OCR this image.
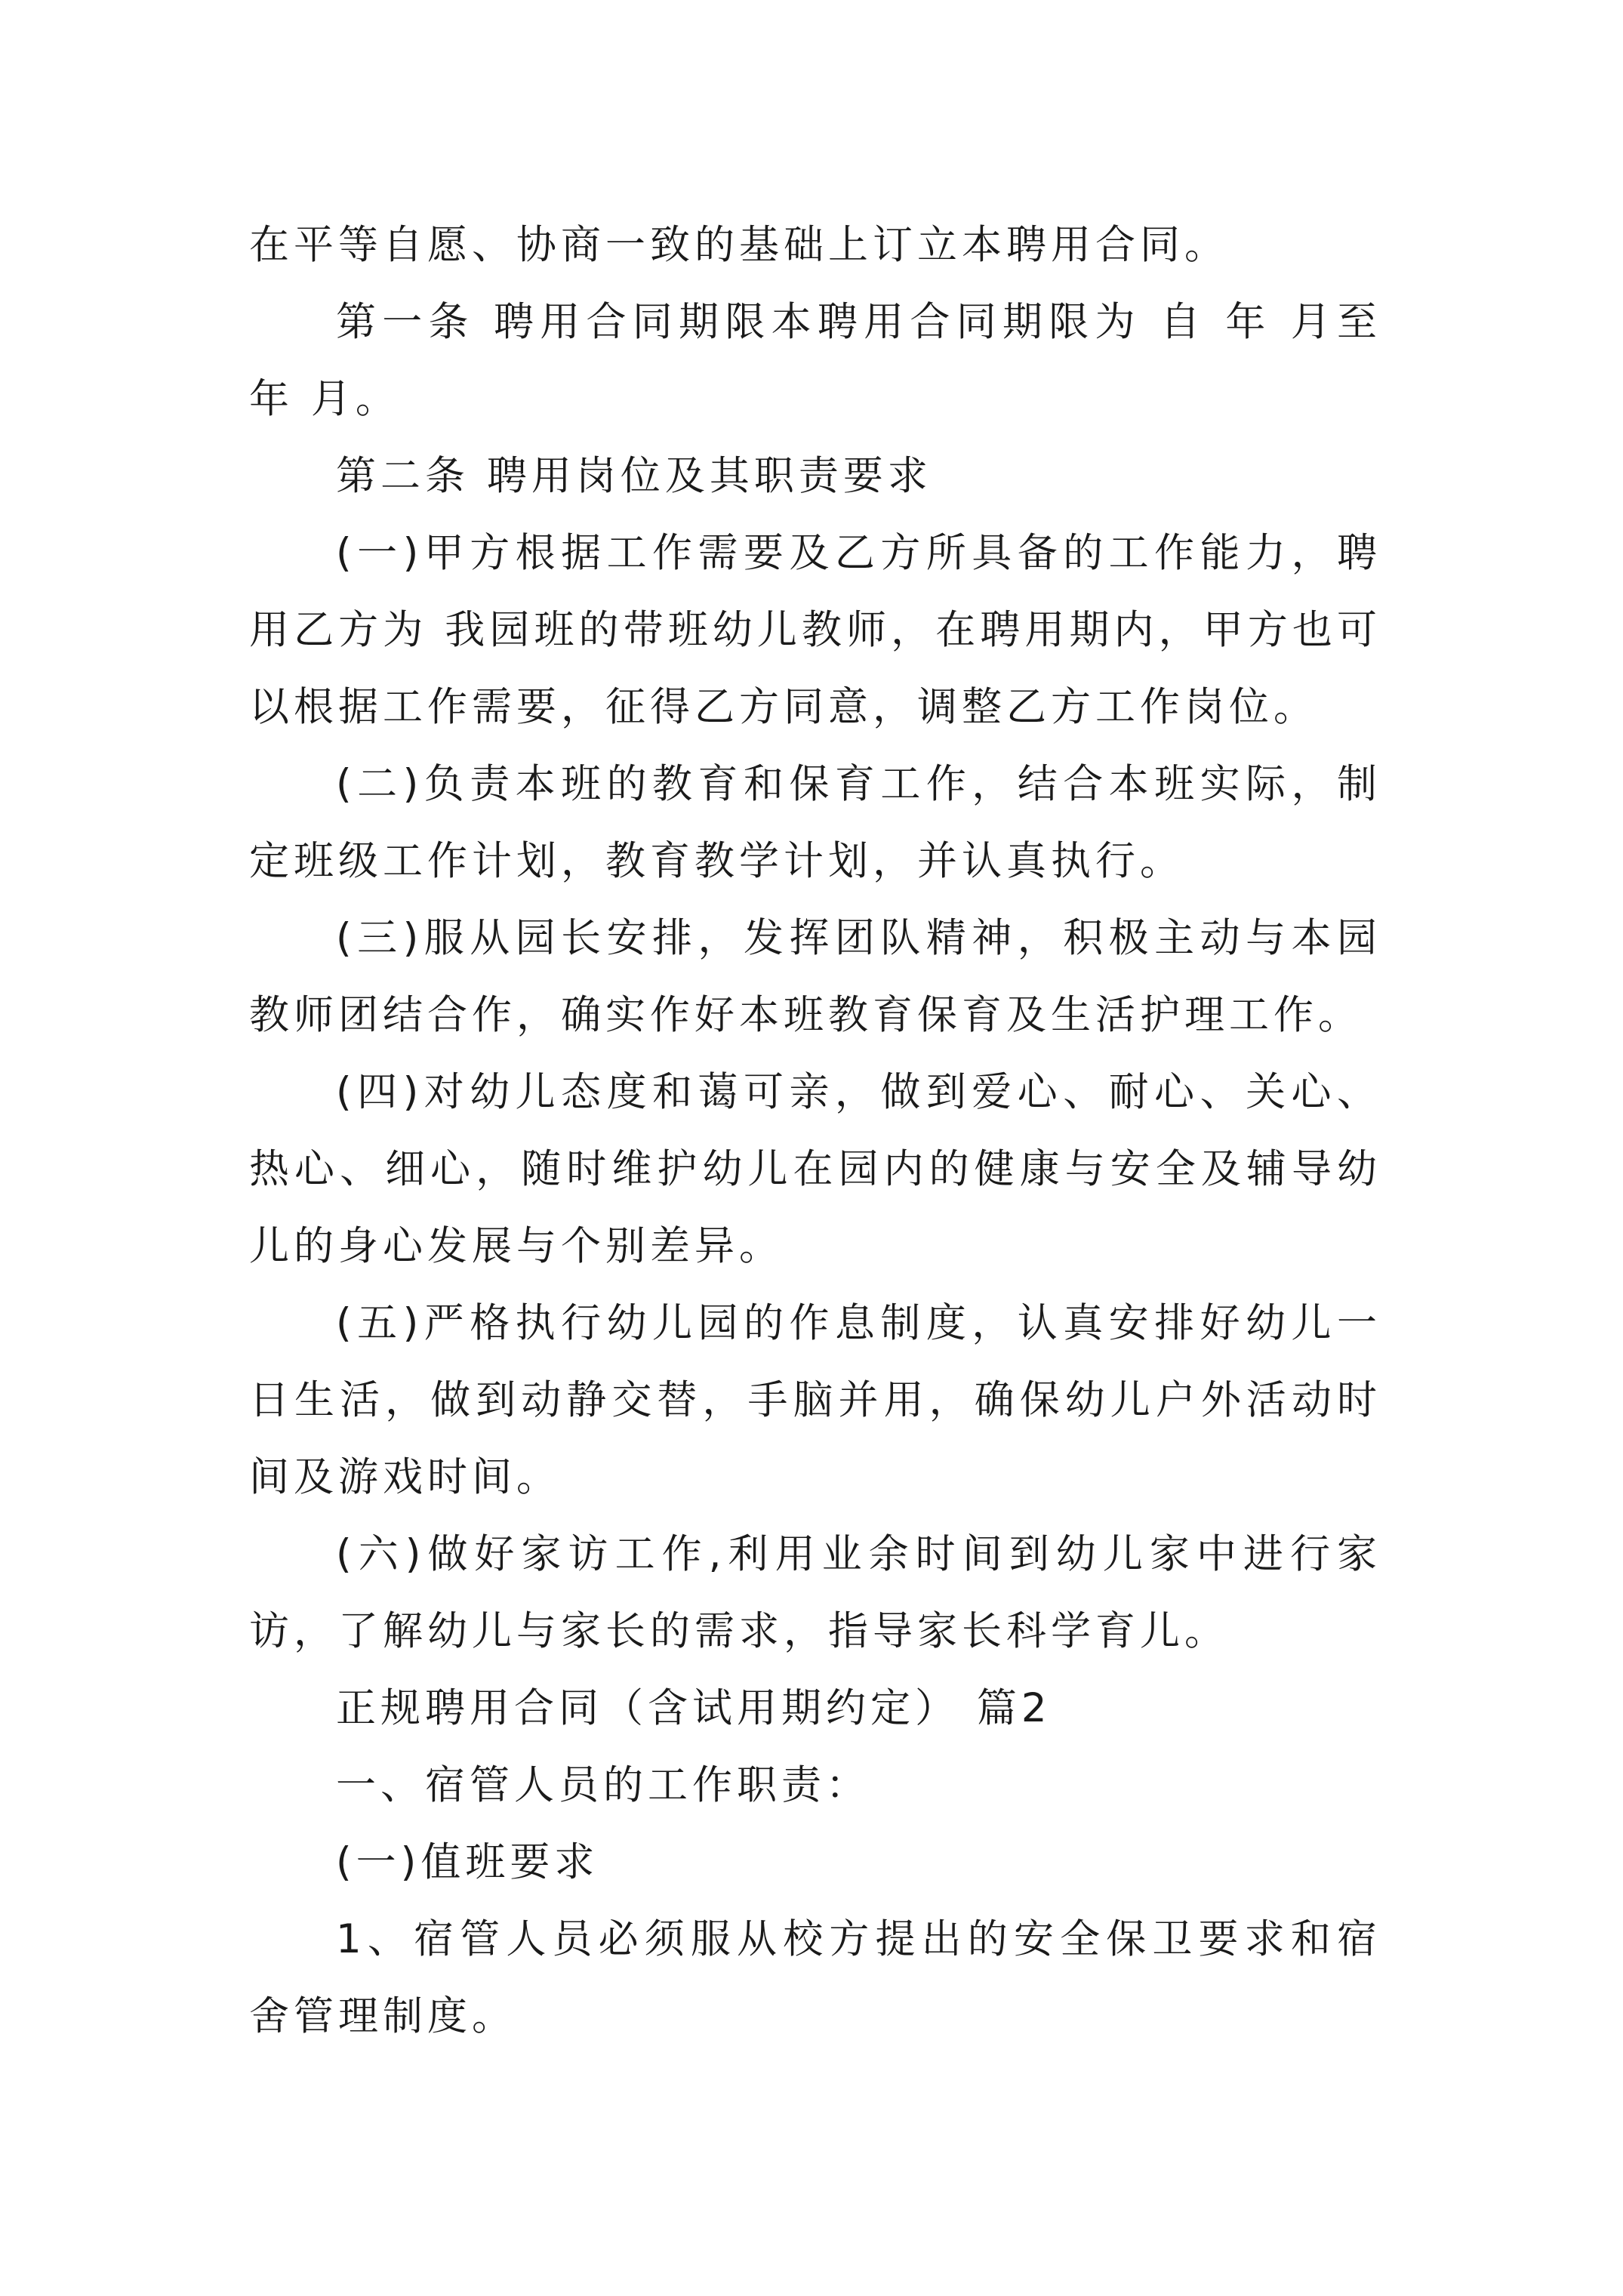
在平等自愿、协商一致的基础上订立本聘用合同。

第一条 聘用合同期限本聘用合同期限为 自 年 月至 年 月。

第二条 聘用岗位及其职责要求

(一)甲方根据工作需要及乙方所具备的工作能力，聘用乙方为 我园班的带班幼儿教师，在聘用期内，甲方也可以根据工作需要，征得乙方同意，调整乙方工作岗位。

(二)负责本班的教育和保育工作，结合本班实际，制定班级工作计划，教育教学计划，并认真执行。

(三)服从园长安排，发挥团队精神，积极主动与本园教师团结合作，确实作好本班教育保育及生活护理工作。

(四)对幼儿态度和蔼可亲，做到爱心、耐心、关心、热心、细心，随时维护幼儿在园内的健康与安全及辅导幼儿的身心发展与个别差异。

(五)严格执行幼儿园的作息制度，认真安排好幼儿一日生活，做到动静交替，手脑并用，确保幼儿户外活动时间及游戏时间。

(六)做好家访工作,利用业余时间到幼儿家中进行家访，了解幼儿与家长的需求，指导家长科学育儿。

正规聘用合同（含试用期约定） 篇2

一、宿管人员的工作职责：

(一)值班要求

1、宿管人员必须服从校方提出的安全保卫要求和宿舍管理制度。
